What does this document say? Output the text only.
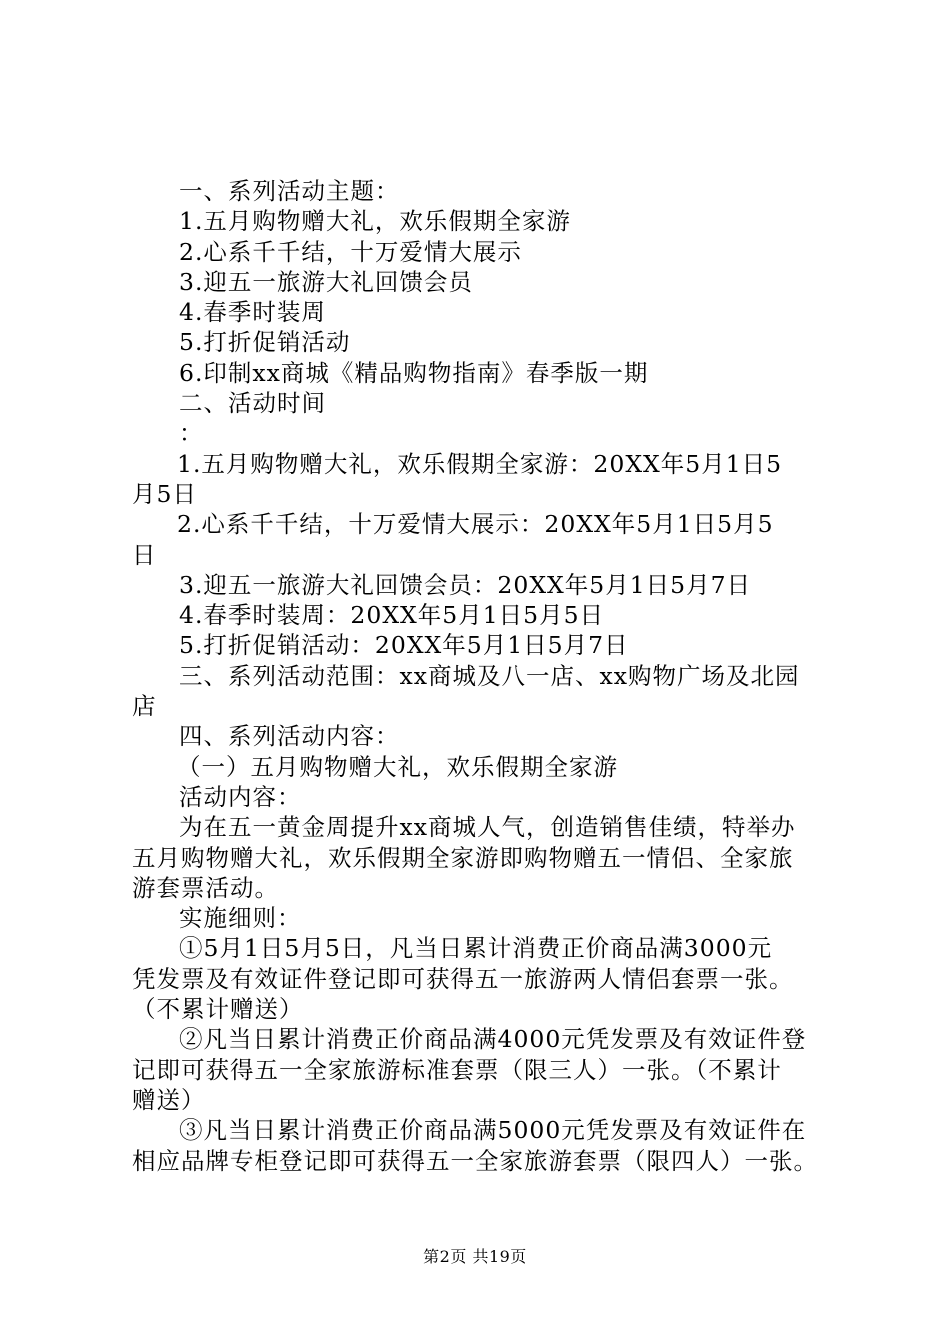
一、系列活动主题：
1.五月购物赠大礼，欢乐假期全家游
2.心系千千结，十万爱情大展示
3.迎五一旅游大礼回馈会员
4.春季时装周
5.打折促销活动
6.印制xx商城《精品购物指南》春季版一期
二、活动时间
：
1.五月购物赠大礼，欢乐假期全家游：20XX年5月1日5
月5日
2.心系千千结，十万爱情大展示：20XX年5月1日5月5
日
3.迎五一旅游大礼回馈会员：20XX年5月1日5月7日
4.春季时装周：20XX年5月1日5月5日
5.打折促销活动：20XX年5月1日5月7日
三、系列活动范围：xx商城及八一店、xx购物广场及北园
店
四、系列活动内容：
（一）五月购物赠大礼，欢乐假期全家游
活动内容：
为在五一黄金周提升xx商城人气，创造销售佳绩，特举办
五月购物赠大礼，欢乐假期全家游即购物赠五一情侣、全家旅
游套票活动。
实施细则：
①5月1日5月5日，凡当日累计消费正价商品满3000元
凭发票及有效证件登记即可获得五一旅游两人情侣套票一张。
（不累计赠送）
②凡当日累计消费正价商品满4000元凭发票及有效证件登
记即可获得五一全家旅游标准套票（限三人）一张。（不累计
赠送）
③凡当日累计消费正价商品满5000元凭发票及有效证件在
相应品牌专柜登记即可获得五一全家旅游套票（限四人）一张。
第2页 共19页
